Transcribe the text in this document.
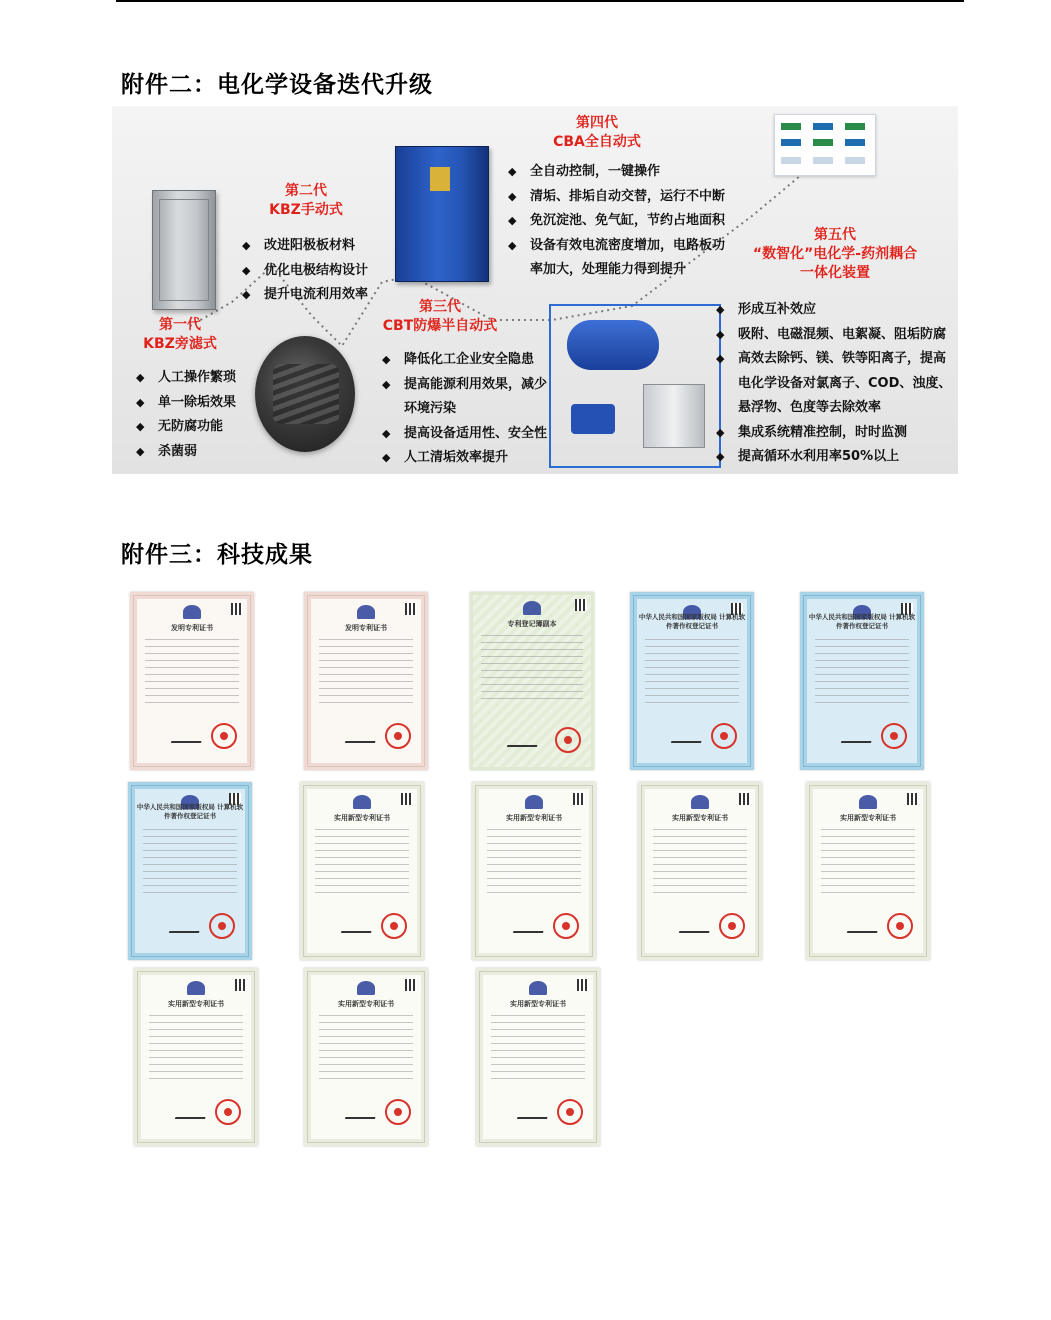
附件二：电化学设备迭代升级
第一代
KBZ旁滤式
◆ 人工操作繁琐
◆ 单一除垢效果
◆ 无防腐功能
◆ 杀菌弱
第二代
KBZ手动式
◆ 改进阳极板材料
◆ 优化电极结构设计
◆ 提升电流利用效率
第三代
CBT防爆半自动式
◆ 降低化工企业安全隐患
◆ 提高能源利用效果，减少
环境污染
◆ 提高设备适用性、安全性
◆ 人工清垢效率提升
第四代
CBA全自动式
◆ 全自动控制，一键操作
◆ 清垢、排垢自动交替，运行不中断
◆ 免沉淀池、免气缸，节约占地面积
◆ 设备有效电流密度增加，电路板功
率加大，处理能力得到提升
第五代
“数智化”电化学-药剂耦合
一体化装置
◆ 形成互补效应
◆ 吸附、电磁混频、电絮凝、阻垢防腐
◆ 高效去除钙、镁、铁等阳离子，提高
电化学设备对氯离子、COD、浊度、
悬浮物、色度等去除效率
◆ 集成系统精准控制，时时监测
◆ 提高循环水利用率50%以上
附件三：科技成果
发明专利证书	发明专利证书	专利登记簿副本
中华人民共和国国家版权局 计算机软件著作权登记证书
中华人民共和国国家版权局 计算机软件著作权登记证书
中华人民共和国国家版权局 计算机软件著作权登记证书	实用新型专利证书	实用新型专利证书	实用新型专利证书	实用新型专利证书
实用新型专利证书	实用新型专利证书	实用新型专利证书
